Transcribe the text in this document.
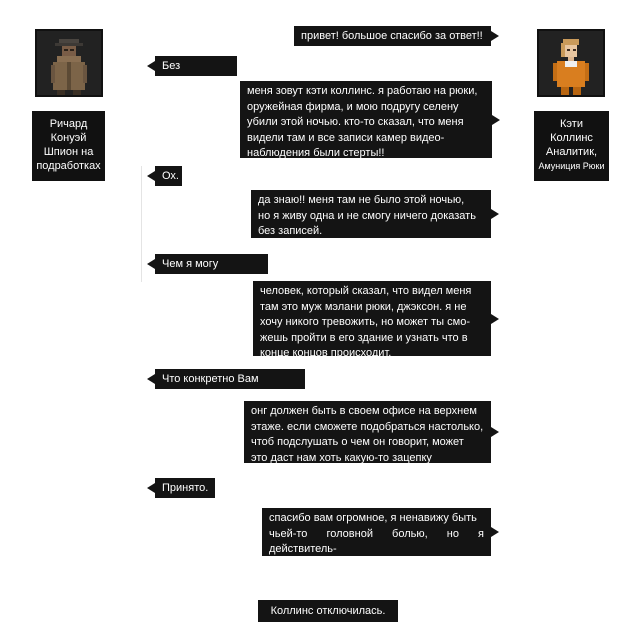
Ричард
Конуэй
Шпион на
подработках
Кэти
Коллинс
Аналитик,
Амуниция Рюки
привет! большое спасибо за ответ!!
Без проблем.
меня зовут кэти коллинс. я работаю на рюки,
оружейная фирма, и мою подругу селену
убили этой ночью. кто-то сказал, что меня
видели там и все записи камер видео-
наблюдения были стерты!!
Ох.
да знаю!! меня там не было этой ночью,
но я живу одна и не смогу ничего доказать
без записей.
Чем я могу помочь?
человек, который сказал, что видел меня
там это муж мэлани рюки, джэксон. я не
хочу никого тревожить, но может ты смо-
жешь пройти в его здание и узнать что в
конце концов происходит.
Что конкретно Вам нужно?
онг должен быть в своем офисе на верхнем
этаже. если сможете подобраться настолько,
чтоб подслушать о чем он говорит, может
это даст нам хоть какую-то зацепку
Принято.
спасибо вам огромное, я ненавижу быть
чьей-то головной болью, но я действитель-
но хочу выбраться отсюда. тут страшно
Коллинс отключилась.
